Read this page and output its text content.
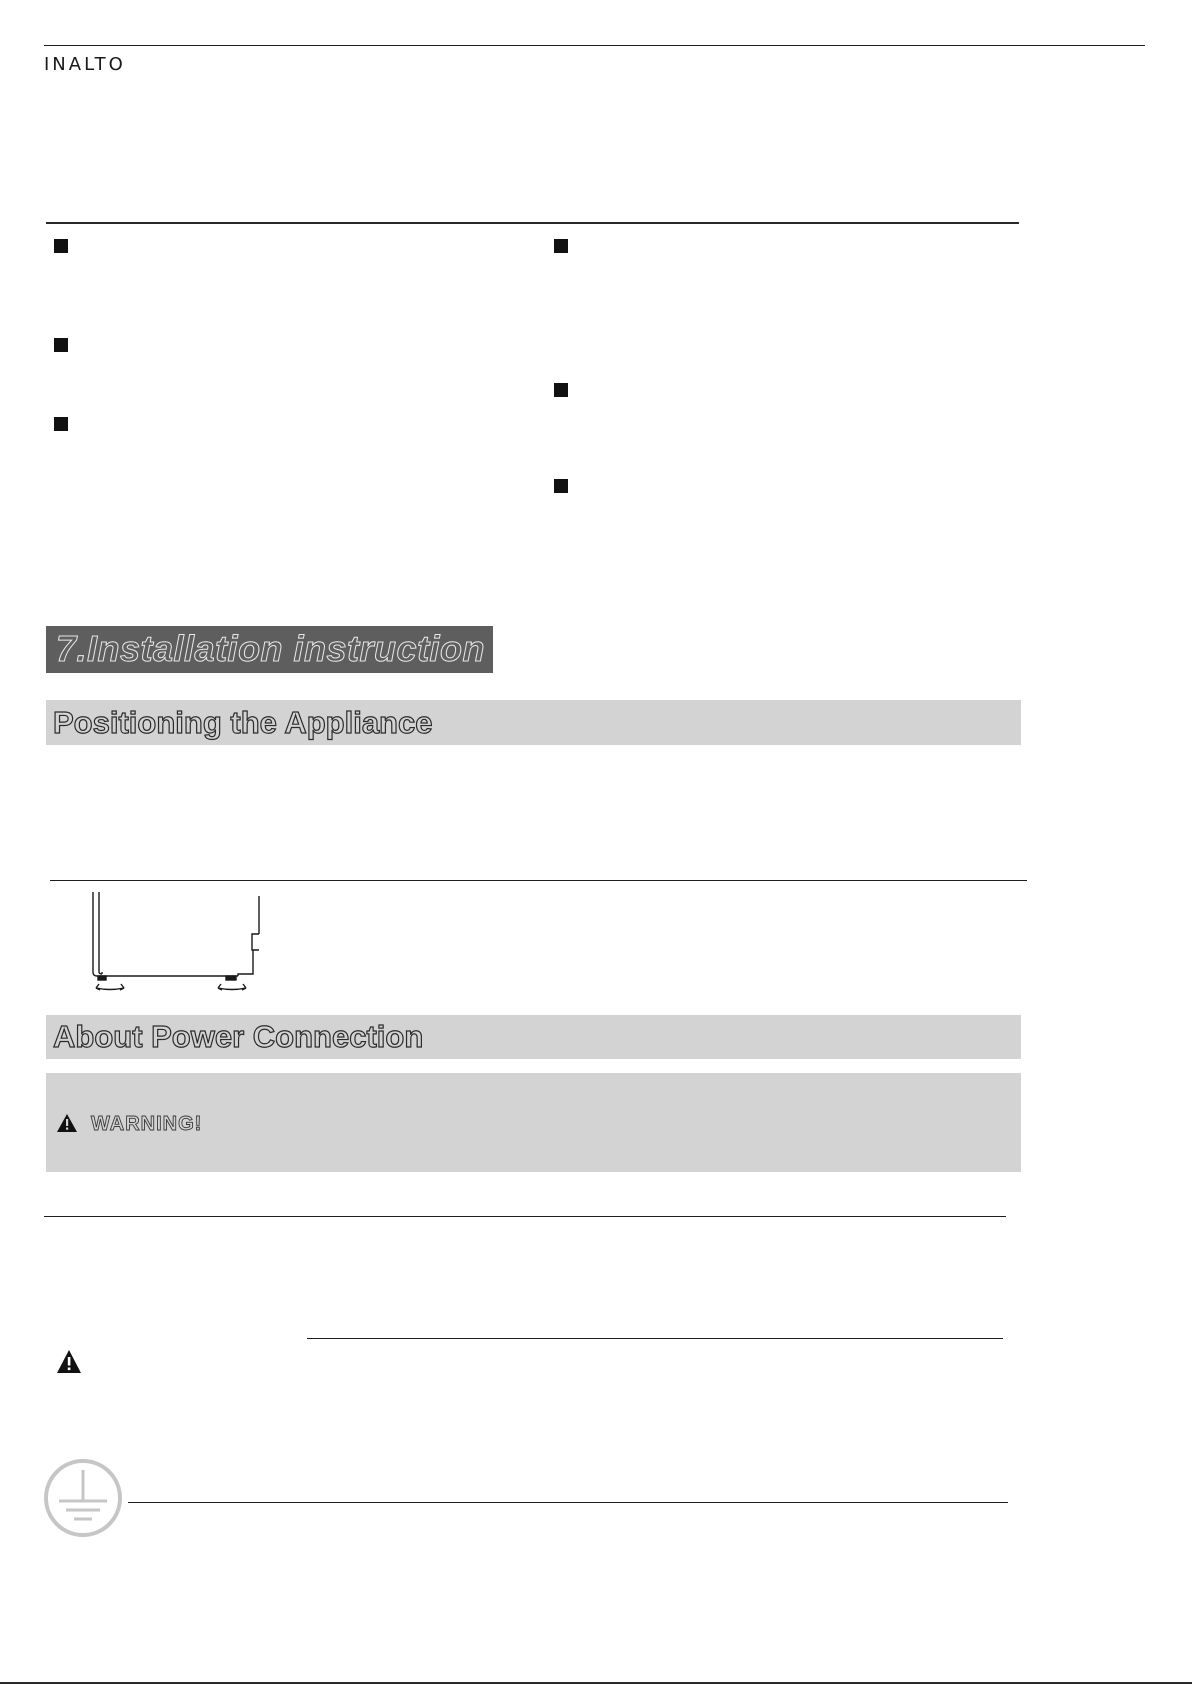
INALTO
7.Installation instruction
Positioning the Appliance
About Power Connection
WARNING!
